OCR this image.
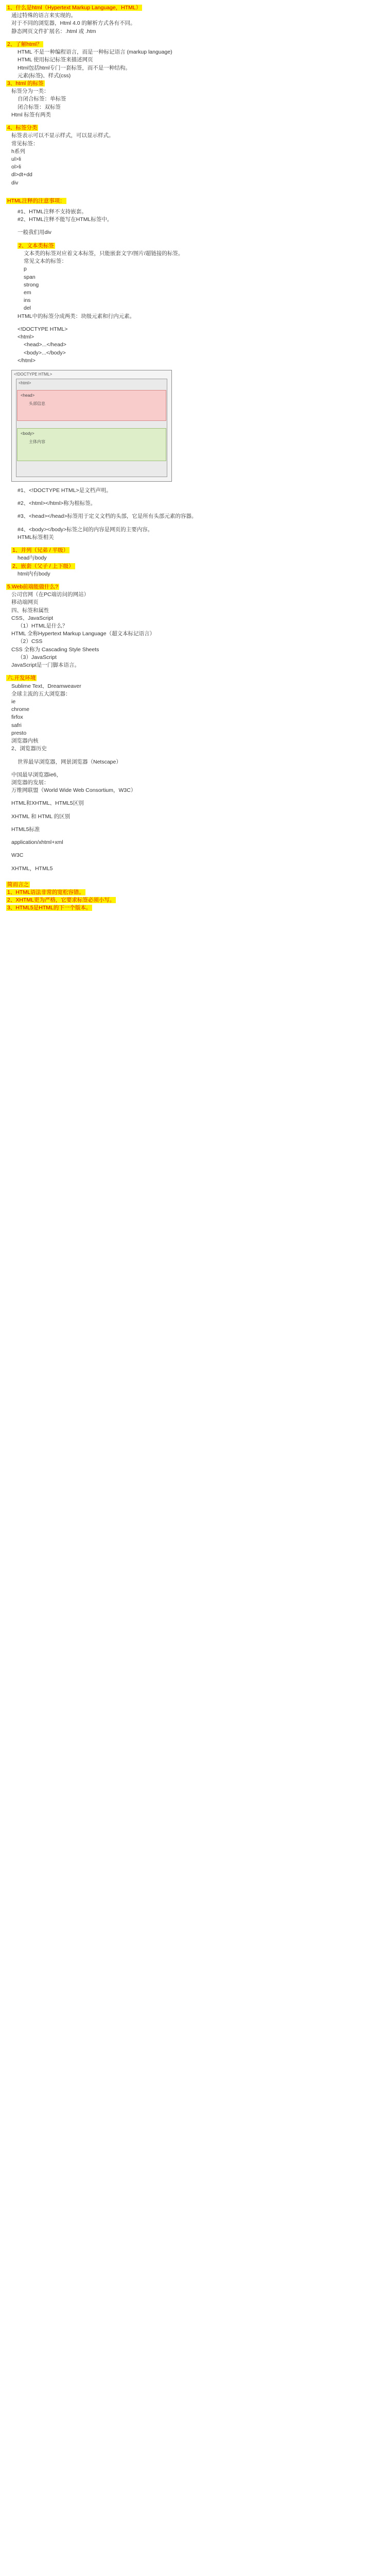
1、什么是html（Hypertext Markup Language，HTML）
通过特殊的语言来实现的。
对于不同的浏览器，Html 4.0 的解析方式各有不同。
静态网页文件扩展名：.html 或 .htm
2、了解html？
HTML 不是一种编程语言，而是一种标记语言 (markup language)
HTML 使用标记标签来描述网页
Html包括html专门一套标签，而不是一种结构。
元素(标签)、样式(css)
3、html 的标签
标签分为一类：
自闭合标签：单标签
闭合标签：双标签
Html 标签有两类
4、标签分类
标签表示可以不显示样式，可以显示样式。
常见标签：
h系列
ul>li
ol>li
dl>dt+dd
div
HTML注释的注意事项：
#1、HTML注释不支持嵌套。
#2、HTML注释不能写在HTML标签中。
一般我们用div
2、文本类标签
文本类的标签对应着文本标签，只能嵌套文字/图片/超链接的标签。
常见文本的标签：
p
span
strong
em
ins
del
HTML中的标签分成两类：块级元素和行内元素。
<!DOCTYPE HTML>
<html>
<head>...</head>
<body>...</body>
</html>
<!DOCTYPE HTML>
<html>
<head>
头部信息
<body>
主体内容
#1、<!DOCTYPE HTML>是文档声明。
#2、<html></html>称为根标签。
#3、<head></head>标签用于定义文档的头部，它是所有头部元素的容器。
#4、<body></body>标签之间的内容是网页的主要内容。
HTML标签相关
1、并列（兄弟 / 平级）
head与body
2、嵌套（父子 / 上下级）
html内有body
5.Web前端能做什么?
公司官网（在PC端访问的网站）
移动端网页
四、标签和属性
CSS、JavaScript
（1）HTML是什么？
HTML 全称Hypertext Markup Language（超文本标记语言）
（2）CSS
CSS 全称为 Cascading Style Sheets
（3）JavaScript
JavaScript是一门脚本语言。
六.开发环境
Sublime Text、Dreamweaver
全球主流的五大浏览器：
ie
chrome
firfox
safri
presto
浏览器内核
2、浏览器历史
世界最早浏览器，网景浏览器（Netscape）
中国最早浏览器ie6，
浏览器的发展：
万维网联盟（World Wide Web Consortium，W3C）
HTML和XHTML、HTML5区别
XHTML 和 HTML 的区别
HTML5标准
application/xhtml+xml
W3C
XHTML，HTML5
简而言之
1、HTML语法非常的宽松容错。
2、XHTML更为严格，它要求标签必须小写。
3、HTML5是HTML的下一个版本。
